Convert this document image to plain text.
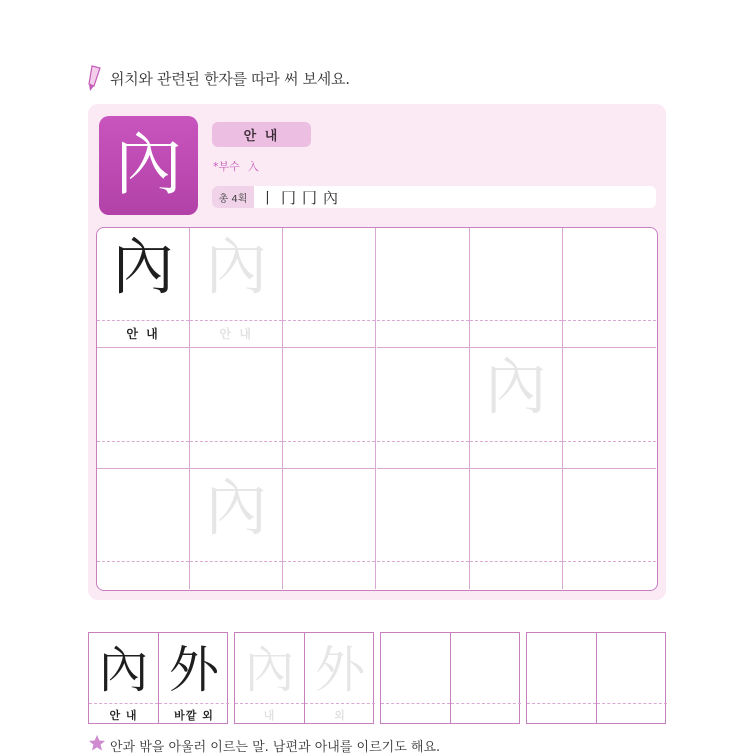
위치와 관련된 한자를 따라 써 보세요.
內	안 내
*부수 入
총 4획 丨 冂 冂 內
內
안 내
內
안 내
內
內
內
안 내
外
바깥 외
內
내
外
외
안과 밖을 아울러 이르는 말. 남편과 아내를 이르기도 해요.
